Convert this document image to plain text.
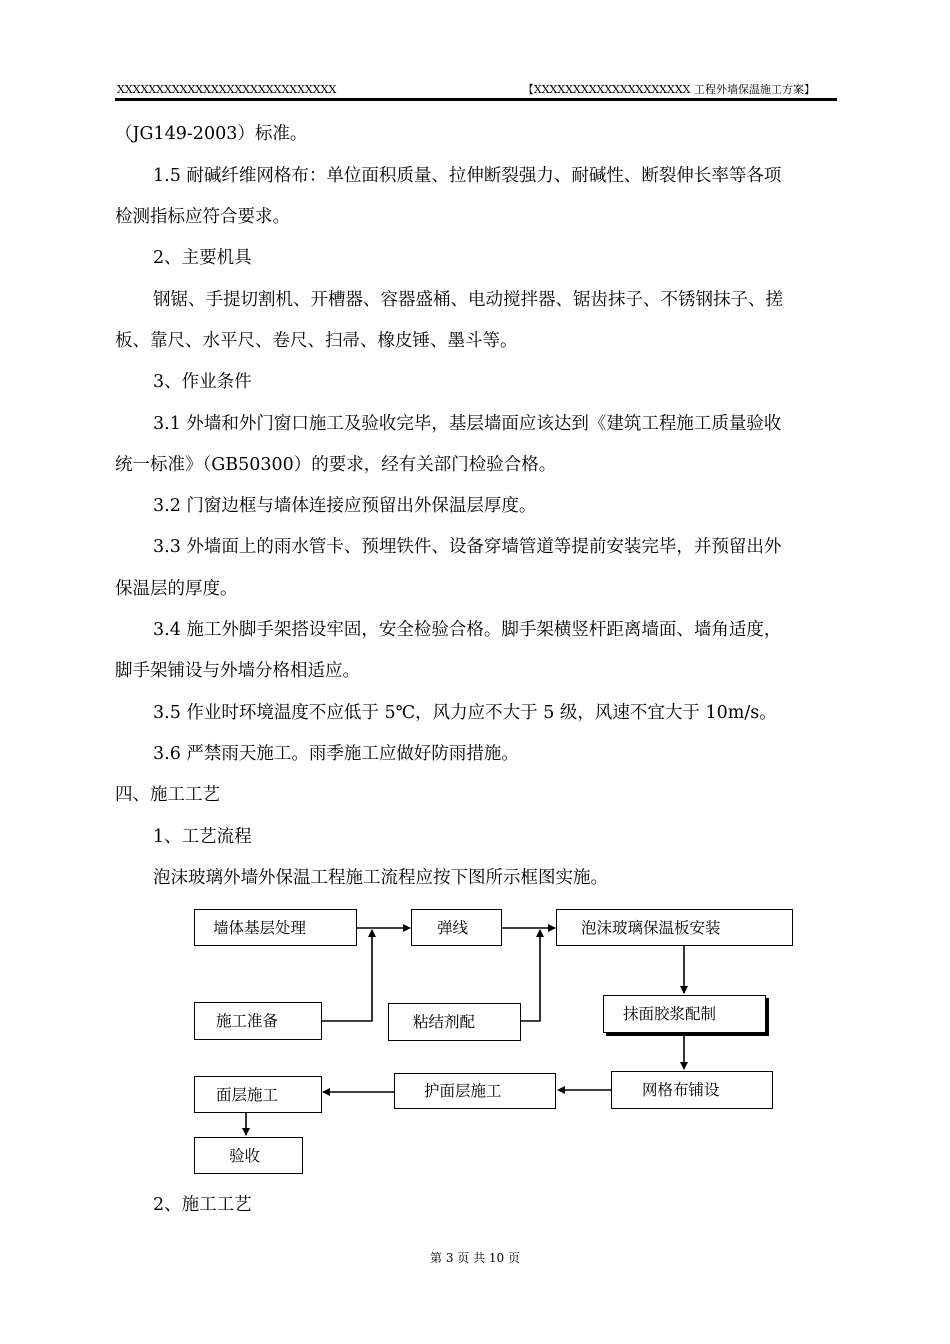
XXXXXXXXXXXXXXXXXXXXXXXXXXXX	【XXXXXXXXXXXXXXXXXXXX 工程外墙保温施工方案】
（JG149-2003）标准。
1.5 耐碱纤维网格布：单位面积质量、拉伸断裂强力、耐碱性、断裂伸长率等各项
检测指标应符合要求。
2、主要机具
钢锯、手提切割机、开槽器、容器盛桶、电动搅拌器、锯齿抹子、不锈钢抹子、搓
板、靠尺、水平尺、卷尺、扫帚、橡皮锤、墨斗等。
3、作业条件
3.1 外墙和外门窗口施工及验收完毕，基层墙面应该达到《建筑工程施工质量验收
统一标准》（GB50300）的要求，经有关部门检验合格。
3.2 门窗边框与墙体连接应预留出外保温层厚度。
3.3 外墙面上的雨水管卡、预埋铁件、设备穿墙管道等提前安装完毕，并预留出外
保温层的厚度。
3.4 施工外脚手架搭设牢固，安全检验合格。脚手架横竖杆距离墙面、墙角适度，
脚手架铺设与外墙分格相适应。
3.5 作业时环境温度不应低于 5℃，风力应不大于 5 级，风速不宜大于 10m/s。
3.6 严禁雨天施工。雨季施工应做好防雨措施。
四、施工工艺
1、工艺流程
泡沫玻璃外墙外保温工程施工流程应按下图所示框图实施。
墙体基层处理	弹线	泡沫玻璃保温板安装
施工准备	粘结剂配	抹面胶浆配制
网格布铺设
护面层施工
面层施工
验收
2、施工工艺
第 3 页 共 10 页
